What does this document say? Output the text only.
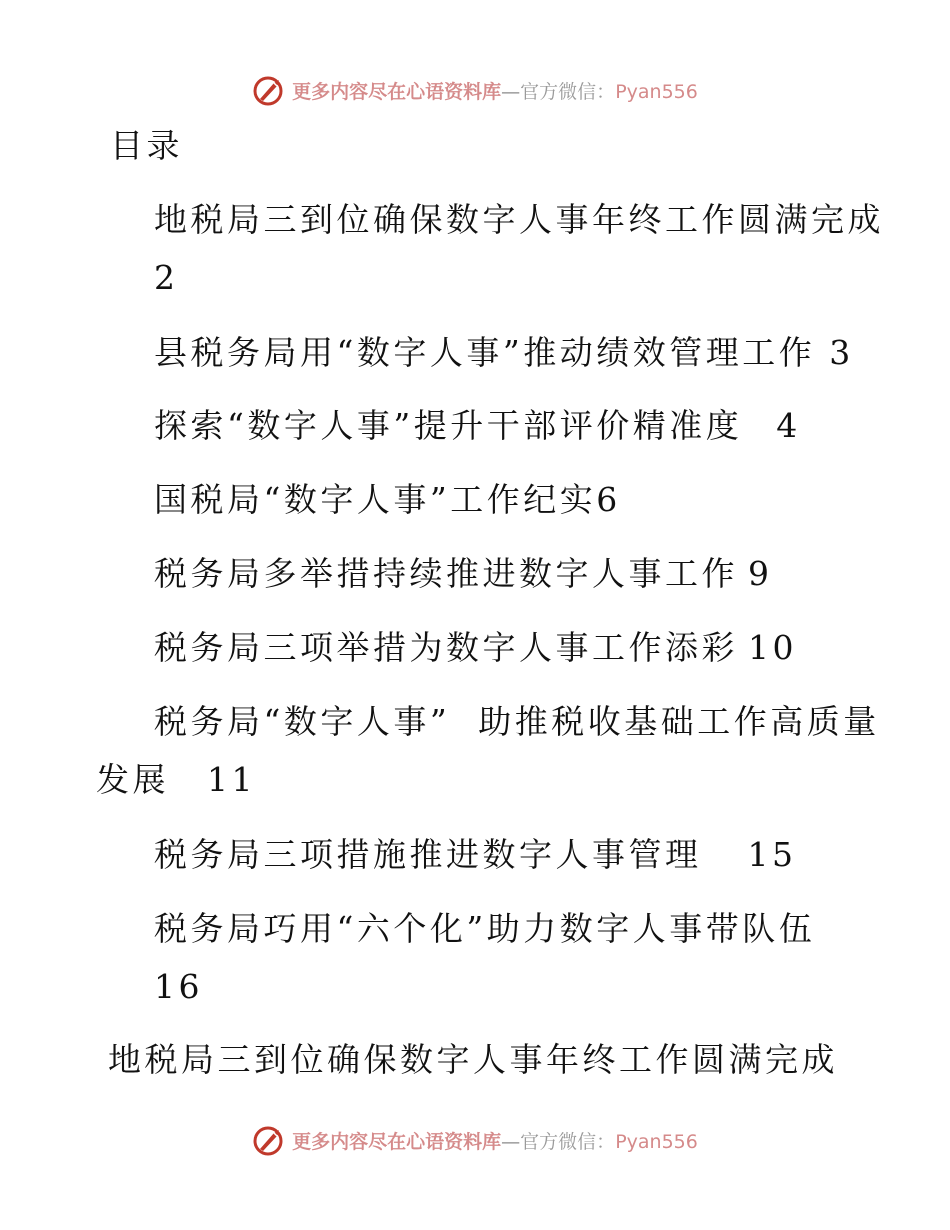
更多内容尽在心语资料库—官方微信：Pyan556
目录
地税局三到位确保数字人事年终工作圆满完成
2
县税务局用“数字人事”推动绩效管理工作 3
探索“数字人事”提升干部评价精准度 4
国税局“数字人事”工作纪实6
税务局多举措持续推进数字人事工作 9
税务局三项举措为数字人事工作添彩 10
税务局“数字人事”  助推税收基础工作高质量
发展 11
税务局三项措施推进数字人事管理 15
税务局巧用“六个化”助力数字人事带队伍
16
地税局三到位确保数字人事年终工作圆满完成
更多内容尽在心语资料库—官方微信：Pyan556
